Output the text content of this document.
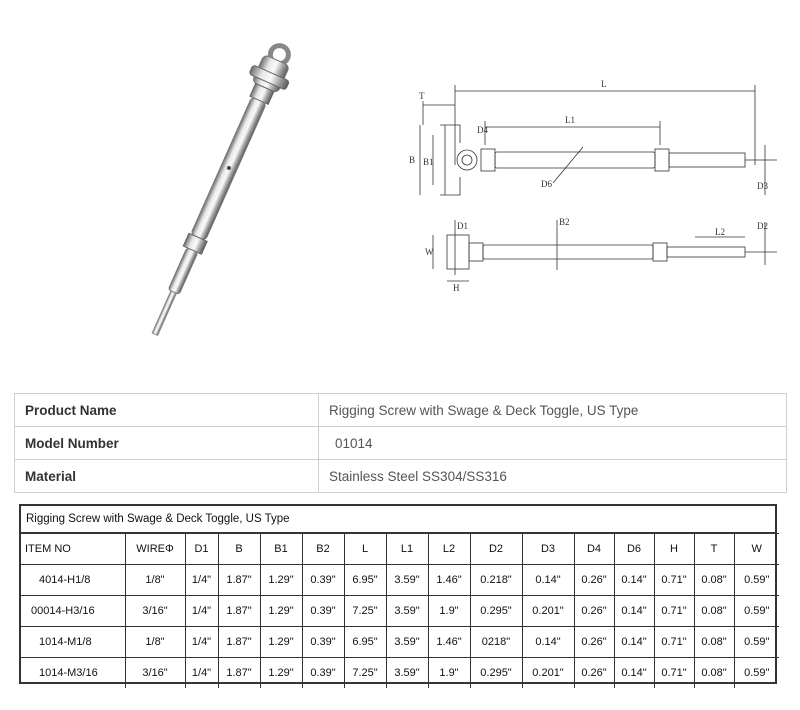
T
L
L1
D4
B B1
D6	D3
D1	B2
L2
D2
W
H
Product Name	Rigging Screw with Swage & Deck Toggle, US Type
Model Number	01014
Material	Stainless Steel SS304/SS316
Rigging Screw with Swage & Deck Toggle, US Type
ITEM NO	WIREΦ	D1	B	B1	B2	L	L1	L2	D2	D3	D4	D6	H	T	W
4014-H1/8	1/8"	1/4"	1.87"	1.29"	0.39"	6.95"	3.59"	1.46"	0.218"	0.14"	0.26"	0.14"	0.71"	0.08"	0.59"
00014-H3/16	3/16"	1/4"	1.87"	1.29"	0.39"	7.25"	3.59"	1.9"	0.295"	0.201"	0.26"	0.14"	0.71"	0.08"	0.59"
1014-M1/8	1/8"	1/4"	1.87"	1.29"	0.39"	6.95"	3.59"	1.46"	0218"	0.14"	0.26"	0.14"	0.71"	0.08"	0.59"
1014-M3/16	3/16"	1/4"	1.87"	1.29"	0.39"	7.25"	3.59"	1.9"	0.295"	0.201"	0.26"	0.14"	0.71"	0.08"	0.59"
